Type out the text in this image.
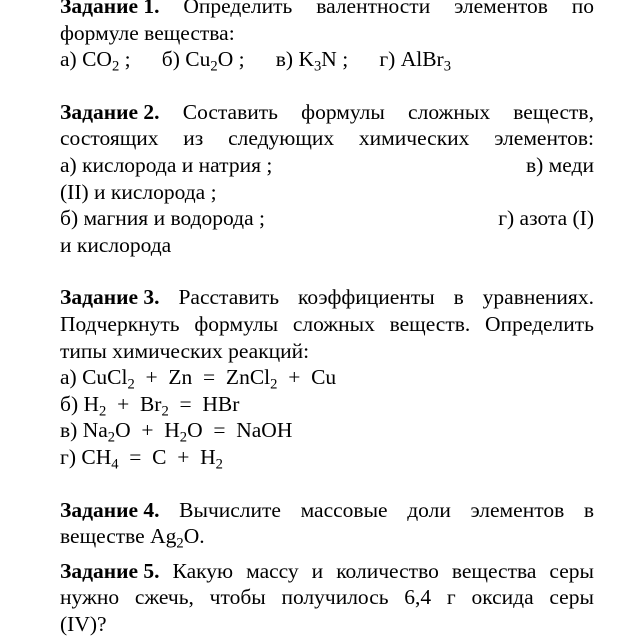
Задание 1. Определить валентности элементов по
формуле вещества:
а) $CO_2$ ; б) $Cu_2O$ ; в) $K_3N$ ; г) AlBr$_3$
Задание 2. Составить формулы сложных веществ,
состоящих из следующих химических элементов:
а) кислорода и натрия ;	в) меди
(II) и кислорода ;
б) магния и водорода ;	г) азота (I)
и кислорода
Задание 3. Расставить коэффициенты в уравнениях.
Подчеркнуть формулы сложных веществ. Определить
типы химических реакций:
а) CuCl$_2$  +  Zn  =  ZnCl$_2$  +  Cu
б) $H_2 + Br_2$  =  HBr
в) $Na_2O + H_2O$  =  NaOH
г) $CH_4 = C + H_2$
Задание 4. Вычислите массовые доли элементов в
веществе $Ag_2O$.
Задание 5. Какую массу и количество вещества серы
нужно сжечь, чтобы получилось 6,4 г оксида серы
(IV)?
